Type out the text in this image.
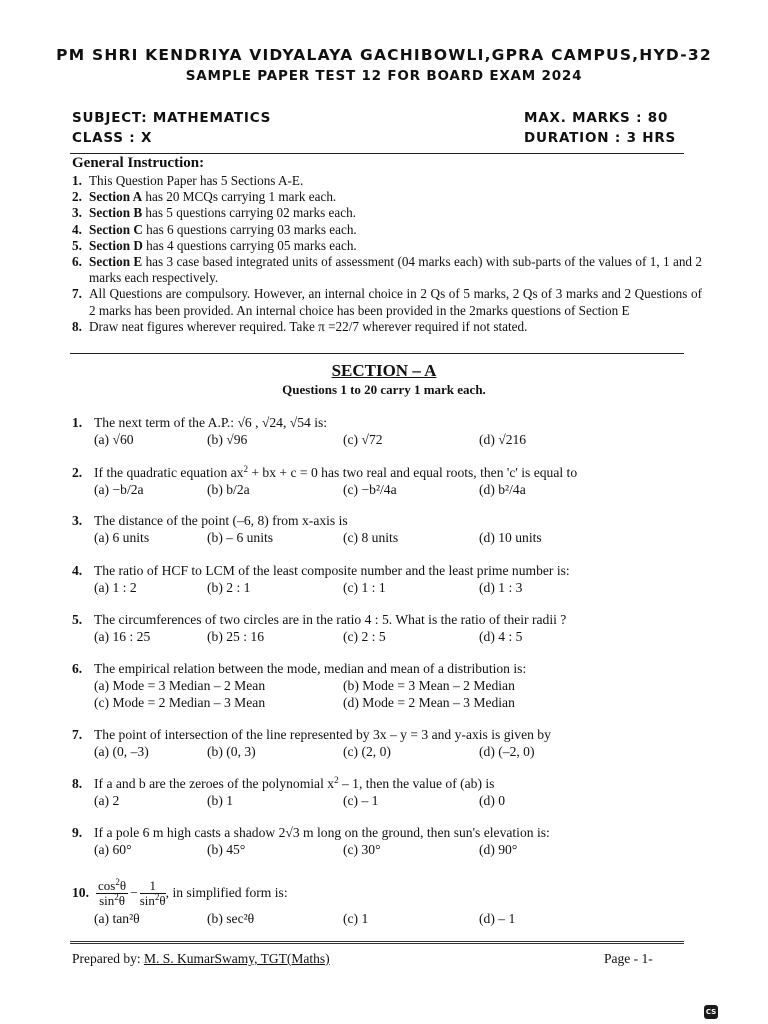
PM SHRI KENDRIYA VIDYALAYA GACHIBOWLI,GPRA CAMPUS,HYD-32
SAMPLE PAPER TEST 12 FOR BOARD EXAM 2024
SUBJECT: MATHEMATICS	MAX. MARKS : 80
CLASS : X	DURATION : 3 HRS
General Instruction:
1. This Question Paper has 5 Sections A-E.
2. Section A has 20 MCQs carrying 1 mark each.
3. Section B has 5 questions carrying 02 marks each.
4. Section C has 6 questions carrying 03 marks each.
5. Section D has 4 questions carrying 05 marks each.
6. Section E has 3 case based integrated units of assessment (04 marks each) with sub-parts of the values of 1, 1 and 2 marks each respectively.
7. All Questions are compulsory. However, an internal choice in 2 Qs of 5 marks, 2 Qs of 3 marks and 2 Questions of 2 marks has been provided. An internal choice has been provided in the 2marks questions of Section E
8. Draw neat figures wherever required. Take π =22/7 wherever required if not stated.
SECTION – A
Questions 1 to 20 carry 1 mark each.
1. The next term of the A.P.: √6 , √24, √54 is:
(a) √60	(b) √96	(c) √72	(d) √216
2. If the quadratic equation $ax^2$ + bx + c = 0 has two real and equal roots, then 'c' is equal to
(a) −b/2a	(b) b/2a	(c) −b²/4a	(d) b²/4a
3. The distance of the point (–6, 8) from x-axis is
(a) 6 units	(b) – 6 units	(c) 8 units	(d) 10 units
4. The ratio of HCF to LCM of the least composite number and the least prime number is:
(a) 1 : 2	(b) 2 : 1	(c) 1 : 1	(d) 1 : 3
5. The circumferences of two circles are in the ratio 4 : 5. What is the ratio of their radii ?
(a) 16 : 25	(b) 25 : 16	(c) 2 : 5	(d) 4 : 5
6. The empirical relation between the mode, median and mean of a distribution is:
(a) Mode = 3 Median – 2 Mean	(b) Mode = 3 Mean – 2 Median
(c) Mode = 2 Median – 3 Mean	(d) Mode = 2 Mean – 3 Median
7. The point of intersection of the line represented by 3x – y = 3 and y-axis is given by
(a) (0, –3)	(b) (0, 3)	(c) (2, 0)	(d) (–2, 0)
8. If a and b are the zeroes of the polynomial $x^2 - 1$, then the value of (ab) is
(a) 2	(b) 1	(c) – 1	(d) 0
9. If a pole 6 m high casts a shadow 2√3 m long on the ground, then sun's elevation is:
(a) 60°	(b) 45°	(c) 30°	(d) 90°
10. $\frac{\cos^2\theta}{\sin^2\theta} - \frac{1}{\sin^2\theta}$ , in simplified form is:
(a) tan²θ	(b) sec²θ	(c) 1	(d) – 1
Prepared by: M. S. KumarSwamy, TGT(Maths)	Page - 1-
CS
